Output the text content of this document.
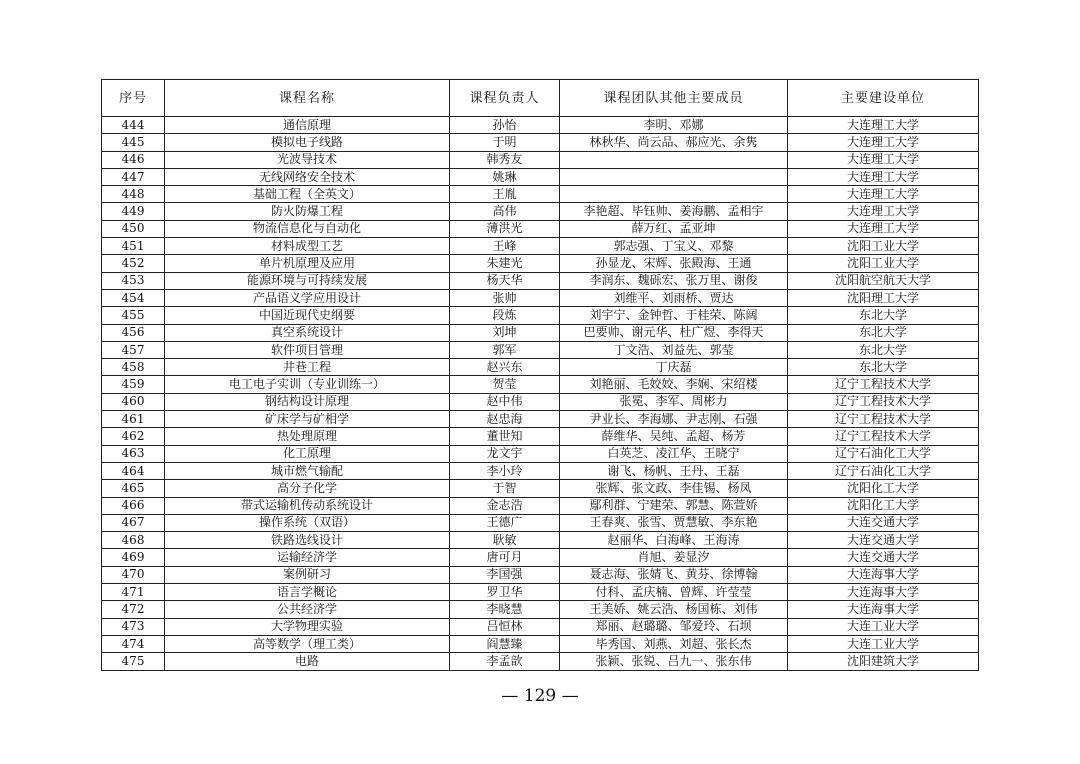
序号	课程名称	课程负责人	课程团队其他主要成员	主要建设单位
444	通信原理	孙怡	李明、邓娜	大连理工大学
445	模拟电子线路	于明	林秋华、尚云品、郝应光、余隽	大连理工大学
446	光波导技术	韩秀友		大连理工大学
447	无线网络安全技术	姚琳		大连理工大学
448	基础工程（全英文）	王胤		大连理工大学
449	防火防爆工程	高伟	李艳超、毕钰帅、姜海鹏、孟相宇	大连理工大学
450	物流信息化与自动化	薄洪光	薛万红、孟亚坤	大连理工大学
451	材料成型工艺	王峰	郭志强、丁宝义、邓黎	沈阳工业大学
452	单片机原理及应用	朱建光	孙显龙、宋辉、张殿海、王通	沈阳工业大学
453	能源环境与可持续发展	杨天华	李润东、魏砾宏、张万里、谢俊	沈阳航空航天大学
454	产品语义学应用设计	张帅	刘维平、刘雨桥、贾达	沈阳理工大学
455	中国近现代史纲要	段炼	刘宇宁、金钟哲、于桂荣、陈阔	东北大学
456	真空系统设计	刘坤	巴要帅、谢元华、杜广煜、李得天	东北大学
457	软件项目管理	郭军	丁文浩、刘益先、郭莹	东北大学
458	井巷工程	赵兴东	丁庆磊	东北大学
459	电工电子实训（专业训练一）	贺莹	刘艳丽、毛姣姣、李娴、宋绍楼	辽宁工程技术大学
460	钢结构设计原理	赵中伟	张冕、李军、周彬力	辽宁工程技术大学
461	矿床学与矿相学	赵忠海	尹业长、李海娜、尹志刚、石强	辽宁工程技术大学
462	热处理原理	董世知	薛维华、吴纯、孟超、杨芳	辽宁工程技术大学
463	化工原理	龙文宇	白英芝、凌江华、王晓宁	辽宁石油化工大学
464	城市燃气输配	李小玲	谢飞、杨帆、王丹、王磊	辽宁石油化工大学
465	高分子化学	于智	张辉、张文政、李佳锡、杨凤	沈阳化工大学
466	带式运输机传动系统设计	金志浩	鄢利群、宁建荣、郭慧、陈萱娇	沈阳化工大学
467	操作系统（双语）	王德广	王春爽、张雪、贾慧敏、李东艳	大连交通大学
468	铁路选线设计	耿敏	赵丽华、白海峰、王海涛	大连交通大学
469	运输经济学	唐可月	肖旭、姜显汐	大连交通大学
470	案例研习	李国强	聂志海、张婧飞、黄芬、徐博翰	大连海事大学
471	语言学概论	罗卫华	付科、孟庆楠、曾辉、许莹莹	大连海事大学
472	公共经济学	李晓慧	王美娇、姚云浩、杨国栋、刘伟	大连海事大学
473	大学物理实验	吕恒林	郑丽、赵璐璐、邹爱玲、石坝	大连工业大学
474	高等数学（理工类）	阎慧臻	毕秀国、刘燕、刘超、张长杰	大连工业大学
475	电路	李孟歆	张颖、张锐、吕九一、张东伟	沈阳建筑大学
— 129 —
